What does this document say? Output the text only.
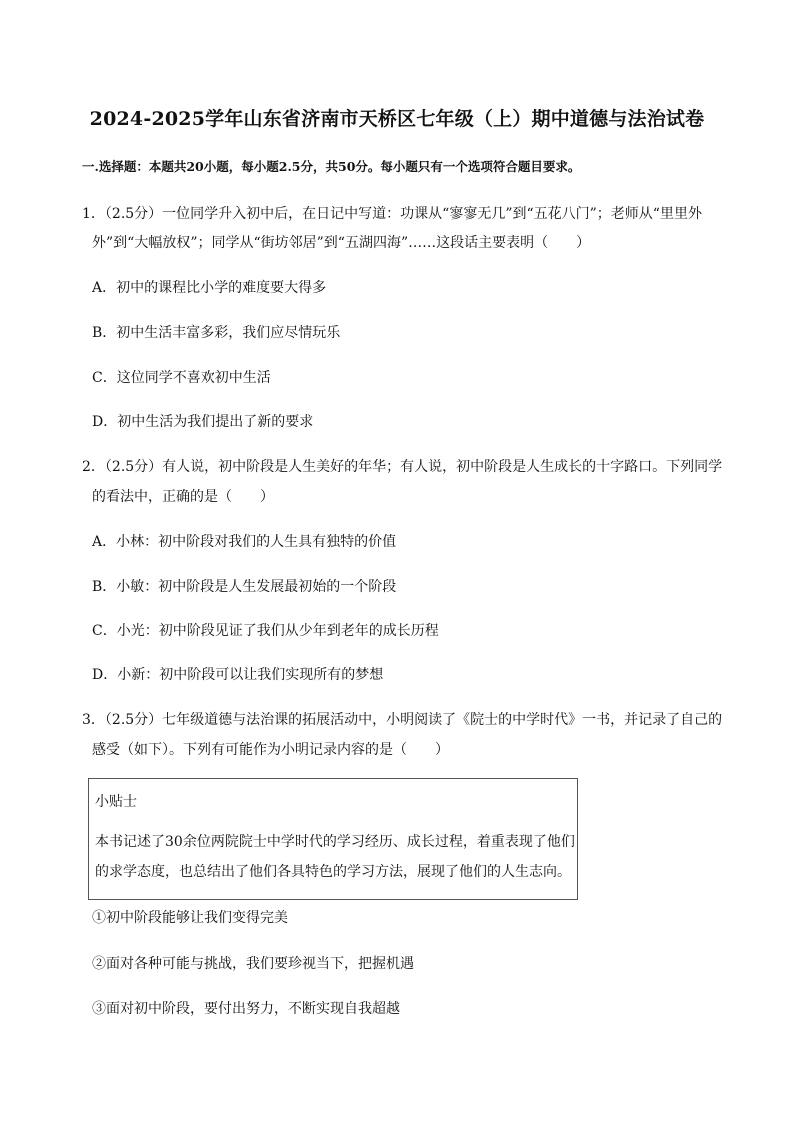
2024-2025学年山东省济南市天桥区七年级（上）期中道德与法治试卷
一.选择题：本题共20小题，每小题2.5分，共50分。每小题只有一个选项符合题目要求。
1．（2.5分）一位同学升入初中后，在日记中写道：功课从“寥寥无几”到“五花八门”；老师从“里里外
外”到“大幅放权”；同学从“街坊邻居”到“五湖四海”……这段话主要表明（　　）
A．初中的课程比小学的难度要大得多
B．初中生活丰富多彩，我们应尽情玩乐
C．这位同学不喜欢初中生活
D．初中生活为我们提出了新的要求
2．（2.5分）有人说，初中阶段是人生美好的年华；有人说，初中阶段是人生成长的十字路口。下列同学
的看法中，正确的是（　　）
A．小林：初中阶段对我们的人生具有独特的价值
B．小敏：初中阶段是人生发展最初始的一个阶段
C．小光：初中阶段见证了我们从少年到老年的成长历程
D．小新：初中阶段可以让我们实现所有的梦想
3．（2.5分）七年级道德与法治课的拓展活动中，小明阅读了《院士的中学时代》一书，并记录了自己的
感受（如下）。下列有可能作为小明记录内容的是（　　）
小贴士
本书记述了30余位两院院士中学时代的学习经历、成长过程，着重表现了他们
的求学态度，也总结出了他们各具特色的学习方法，展现了他们的人生志向。
①初中阶段能够让我们变得完美
②面对各种可能与挑战，我们要珍视当下，把握机遇
③面对初中阶段，要付出努力，不断实现自我超越
